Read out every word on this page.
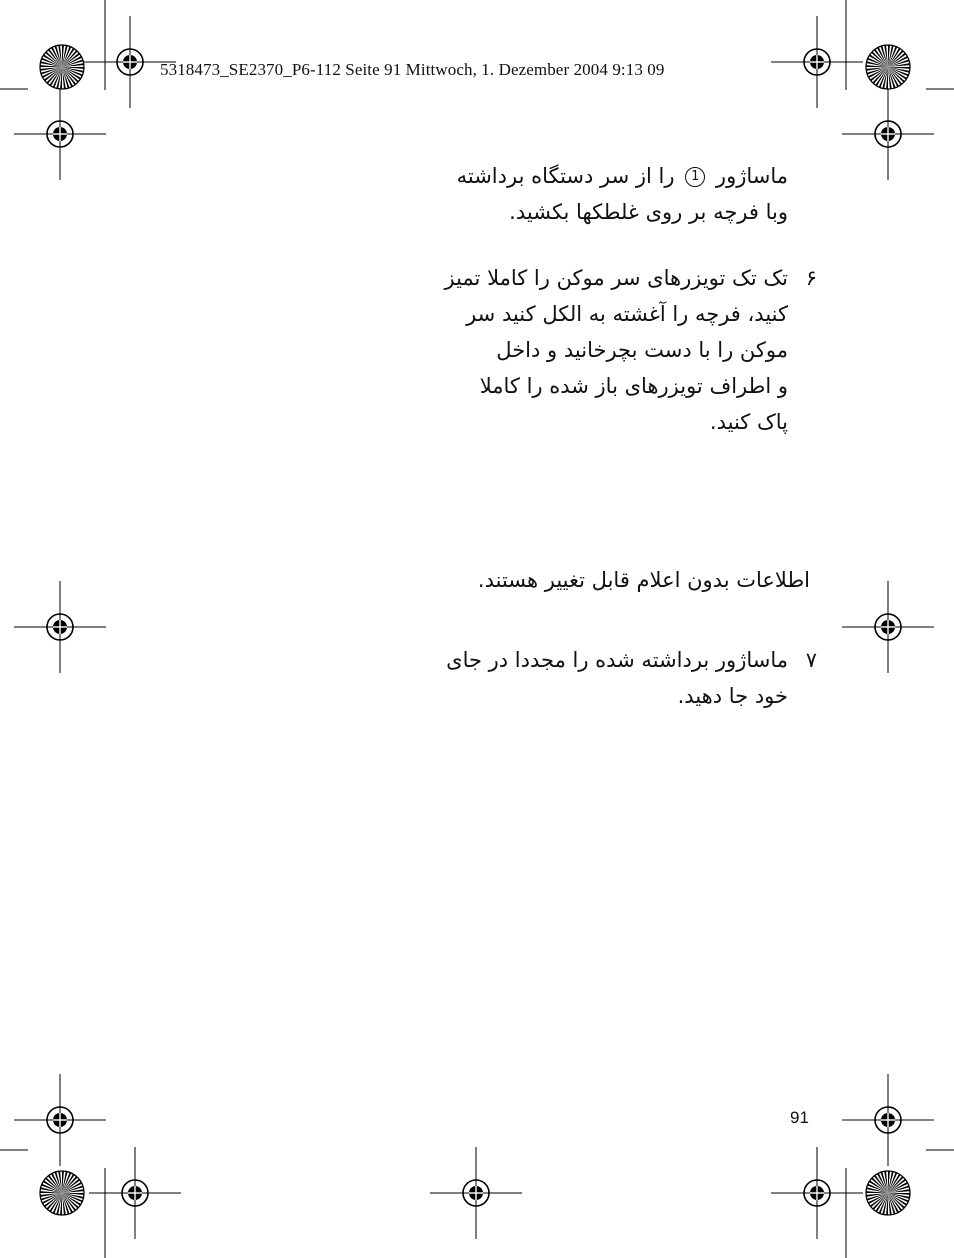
5318473_SE2370_P6-112 Seite 91 Mittwoch, 1. Dezember 2004 9:13 09
ماساژور 1 را از سر دستگاه برداشته
وبا فرچه بر روی غلطکها بکشید.
۶
تک تک تویزرهای سر موکن را کاملا تمیز
کنید، فرچه را آغشته به الکل کنید سر
موکن را با دست بچرخانید و داخل
و اطراف تویزرهای باز شده را کاملا
پاک کنید.
۷
ماساژور برداشته شده را مجددا در جای
خود جا دهید.
اطلاعات بدون اعلام قابل تغییر هستند.
91
